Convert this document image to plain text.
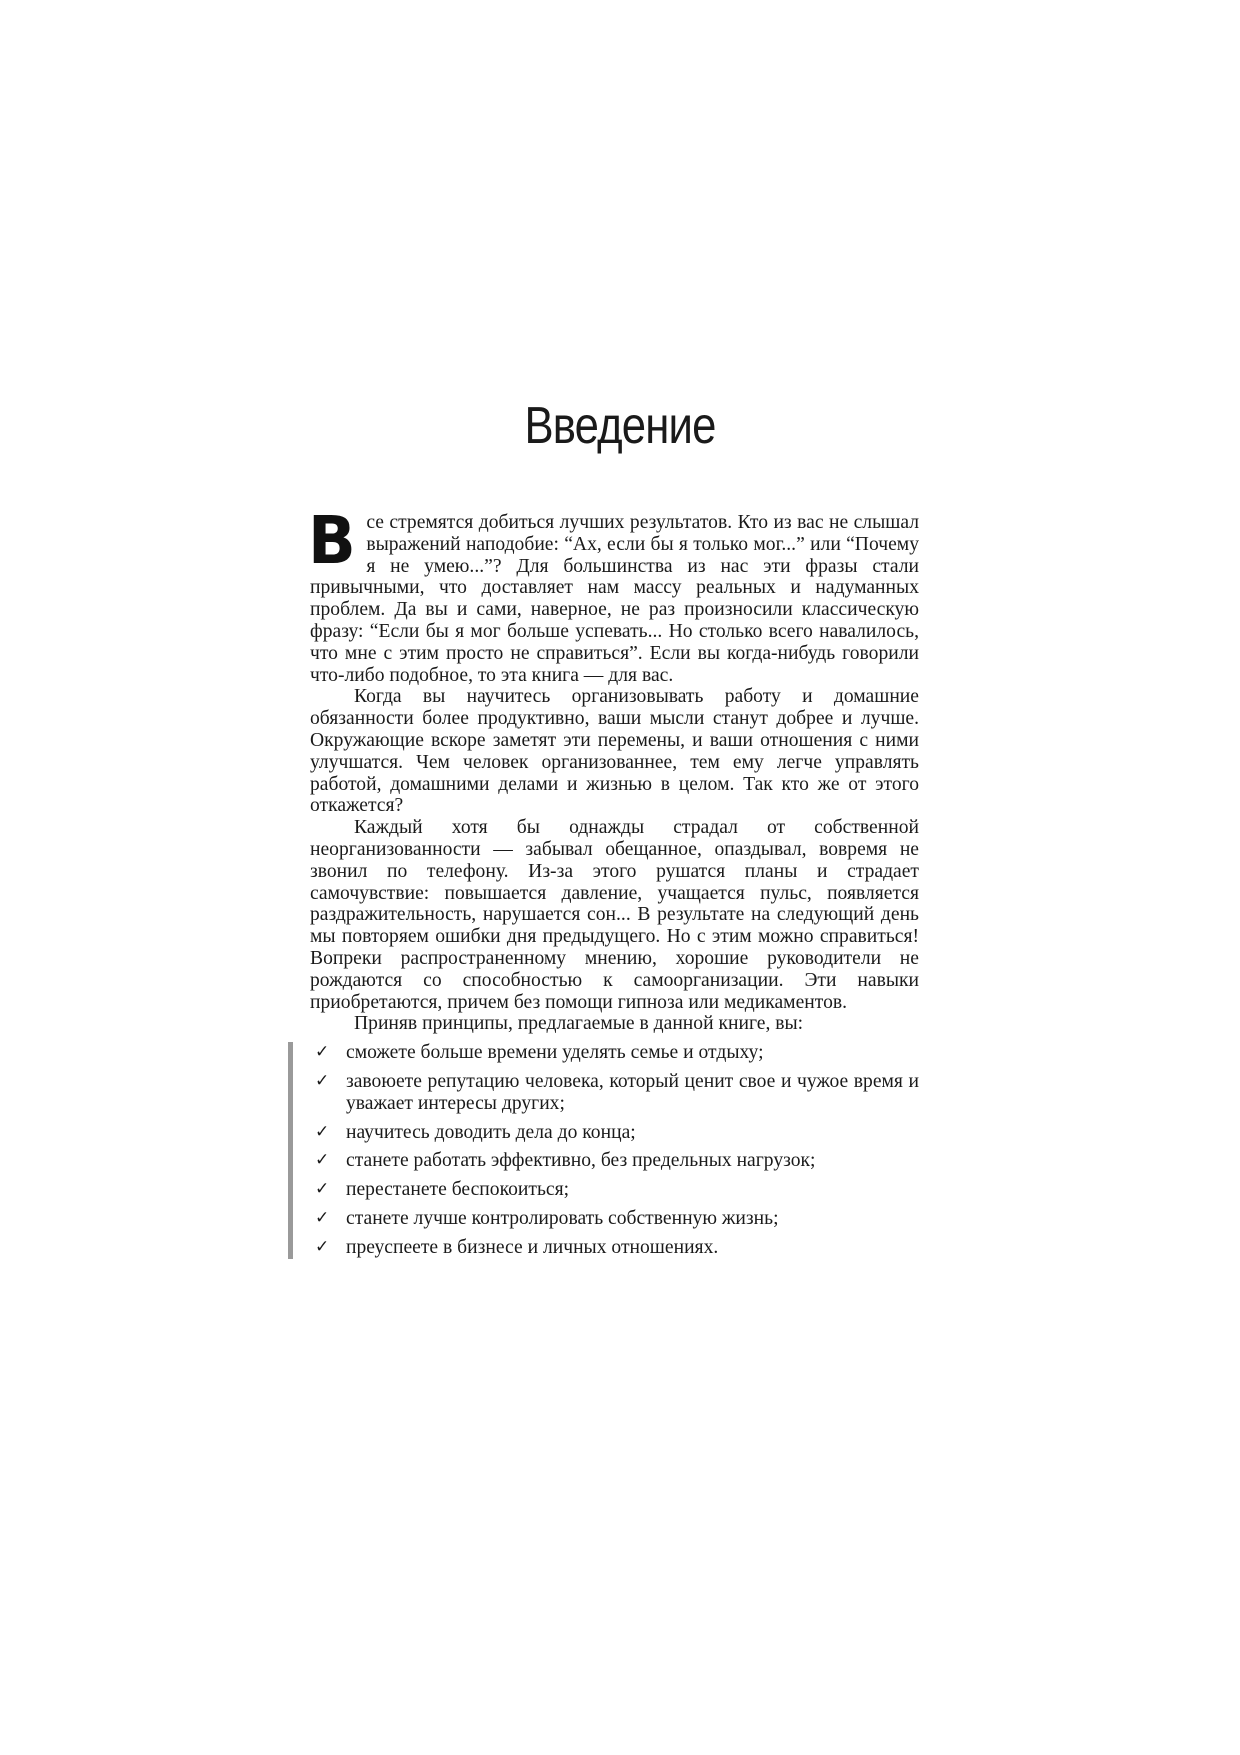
Введение

Все стремятся добиться лучших результатов. Кто из вас не слышал выражений наподобие: “Ах, если бы я только мог...” или “Почему я не умею...”? Для большинства из нас эти фразы стали привычными, что доставляет нам массу реальных и надуманных проблем. Да вы и сами, наверное, не раз произносили классическую фразу: “Если бы я мог больше успевать... Но столько всего навалилось, что мне с этим просто не справиться”. Если вы когда-нибудь говорили что-либо подобное, то эта книга — для вас.

Когда вы научитесь организовывать работу и домашние обязанности более продуктивно, ваши мысли станут добрее и лучше. Окружающие вскоре заметят эти перемены, и ваши отношения с ними улучшатся. Чем человек организованнее, тем ему легче управлять работой, домашними делами и жизнью в целом. Так кто же от этого откажется?

Каждый хотя бы однажды страдал от собственной неорганизованности — забывал обещанное, опаздывал, вовремя не звонил по телефону. Из-за этого рушатся планы и страдает самочувствие: повышается давление, учащается пульс, появляется раздражительность, нарушается сон... В результате на следующий день мы повторяем ошибки дня предыдущего. Но с этим можно справиться! Вопреки распространенному мнению, хорошие руководители не рождаются со способностью к самоорганизации. Эти навыки приобретаются, причем без помощи гипноза или медикаментов.

Приняв принципы, предлагаемые в данной книге, вы:

✓ сможете больше времени уделять семье и отдыху;
✓ завоюете репутацию человека, который ценит свое и чужое время и уважает интересы других;
✓ научитесь доводить дела до конца;
✓ станете работать эффективно, без предельных нагрузок;
✓ перестанете беспокоиться;
✓ станете лучше контролировать собственную жизнь;
✓ преуспеете в бизнесе и личных отношениях.
